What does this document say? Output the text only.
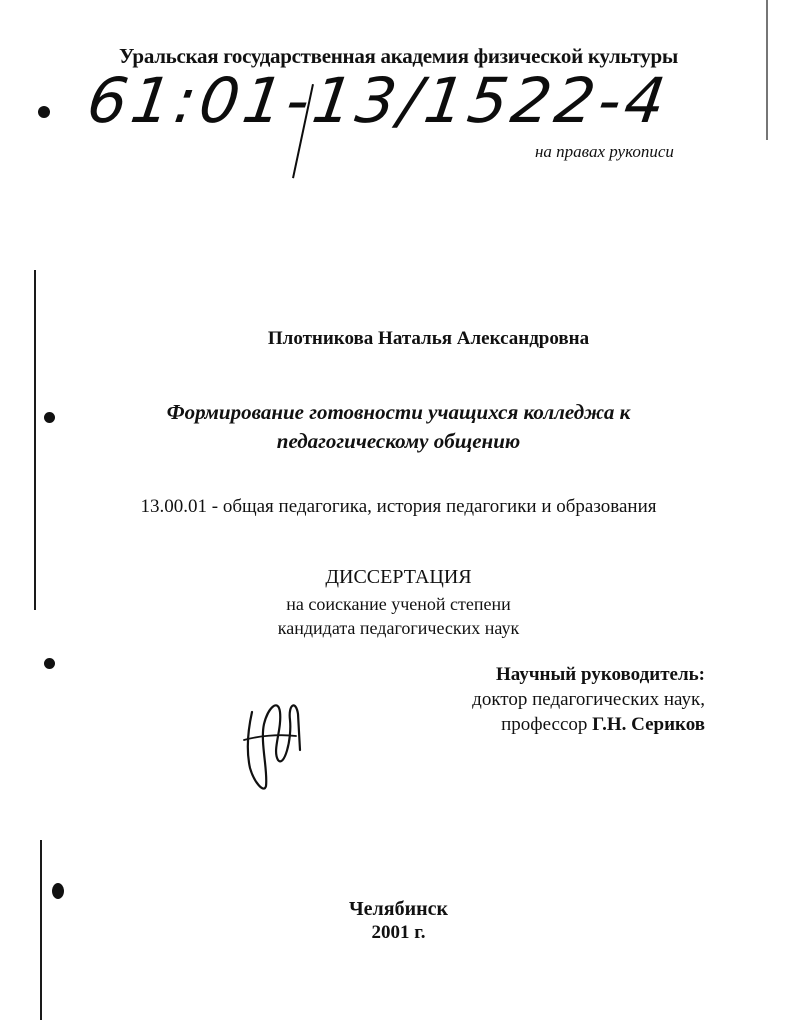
Уральская государственная академия физической культуры
61:01-13/1522-4
на правах рукописи
Плотникова Наталья Александровна
Формирование готовности учащихся колледжа к
педагогическому общению
13.00.01 - общая педагогика, история педагогики и образования
ДИССЕРТАЦИЯ
на соискание ученой степени
кандидата педагогических наук
Научный руководитель:
доктор педагогических наук,
профессор Г.Н. Сериков
Челябинск
2001 г.
